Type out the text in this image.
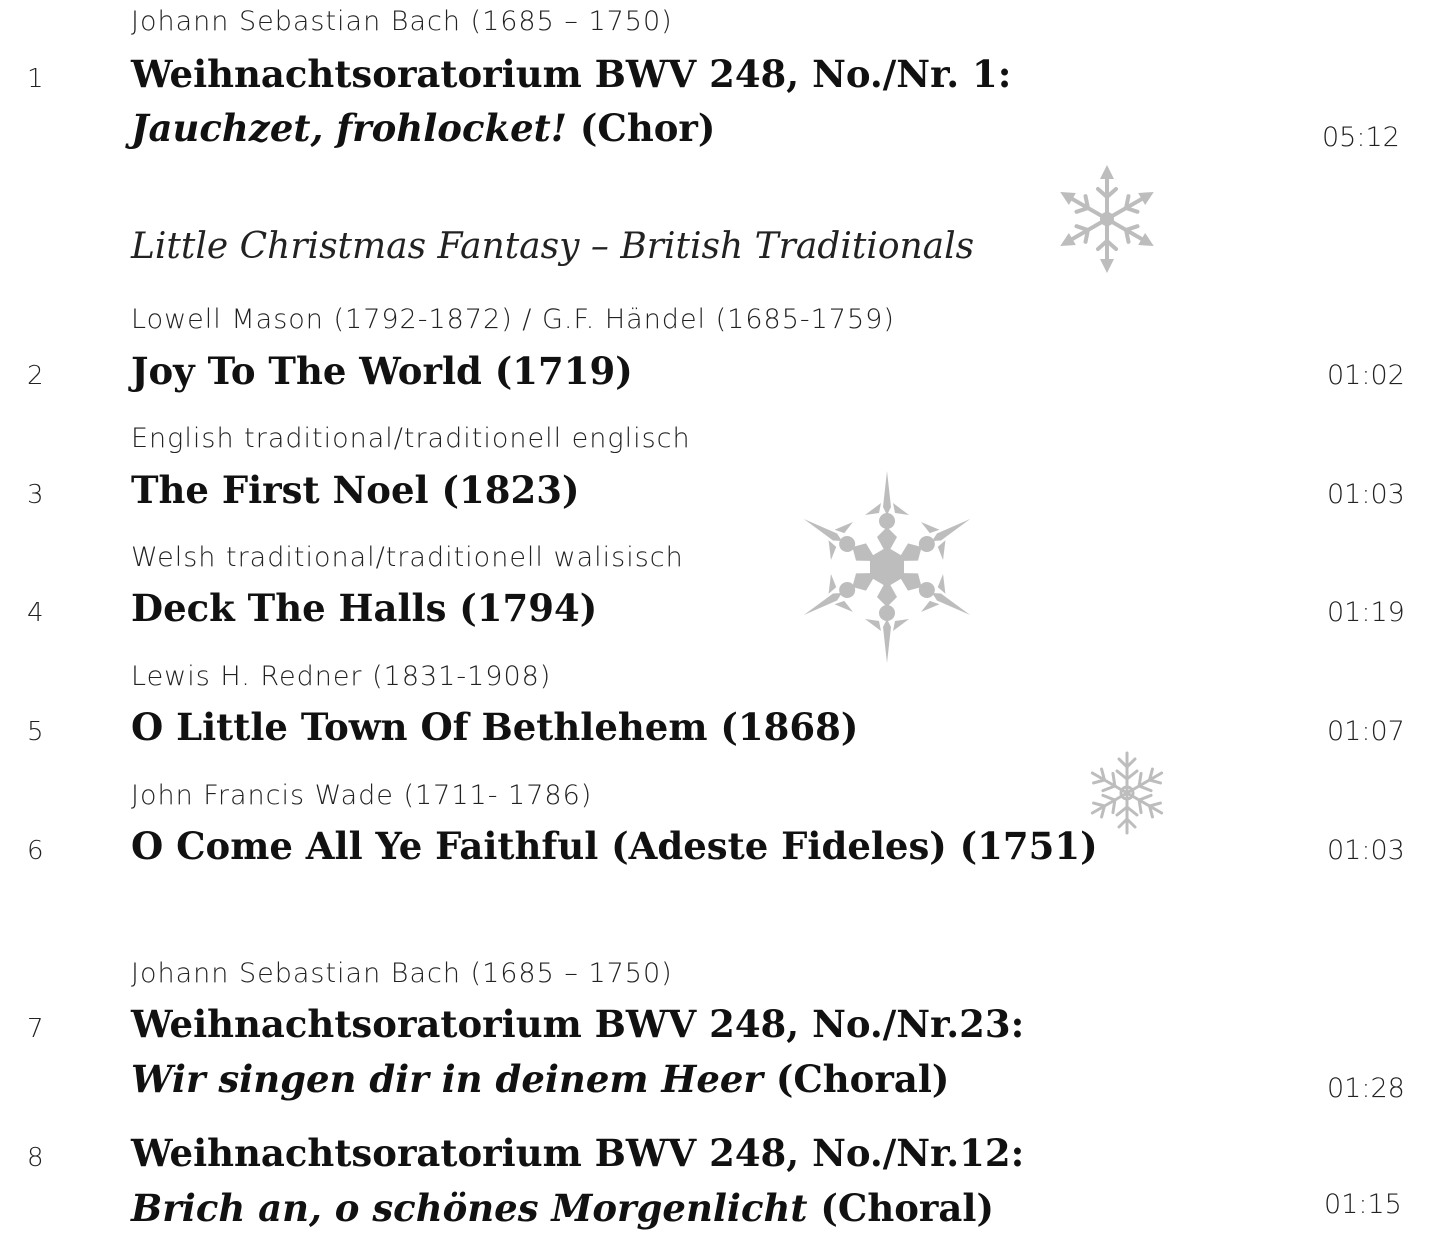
Johann Sebastian Bach (1685 – 1750)
1 Weihnachtsoratorium BWV 248, No./Nr. 1:
Jauchzet, frohlocket! (Chor)	05:12
Little Christmas Fantasy – British Traditionals
Lowell Mason (1792-1872) / G.F. Händel (1685-1759)
2 Joy To The World (1719)	01:02
English traditional/traditionell englisch
3 The First Noel (1823)	01:03
Welsh traditional/traditionell walisisch
4 Deck The Halls (1794)	01:19
Lewis H. Redner (1831-1908)
5 O Little Town Of Bethlehem (1868)	01:07
John Francis Wade (1711- 1786)
6 O Come All Ye Faithful (Adeste Fideles) (1751)	01:03
Johann Sebastian Bach (1685 – 1750)
7 Weihnachtsoratorium BWV 248, No./Nr.23:
Wir singen dir in deinem Heer (Choral)	01:28
8 Weihnachtsoratorium BWV 248, No./Nr.12:
Brich an, o schönes Morgenlicht (Choral)	01:15
